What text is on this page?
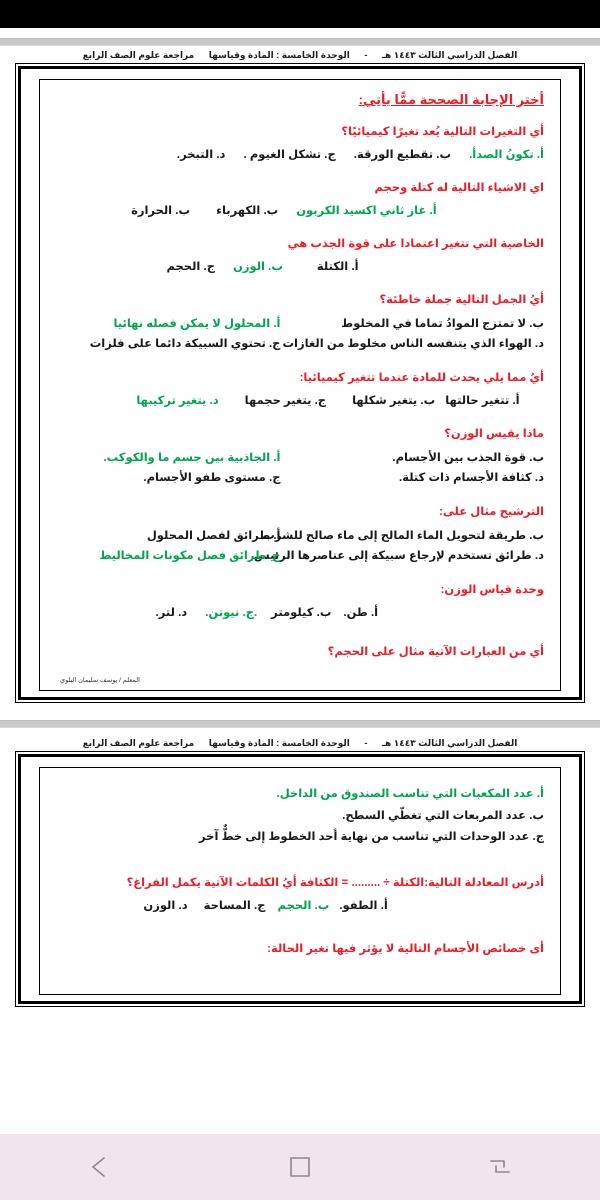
الفصل الدراسي الثالث ١٤٤٣ هـ - الوحدة الخامسة : المادة وقياسها مراجعة علوم الصف الرابع
أختر الإجابة الصححة ممًّا يأتِي:
أي التغيرات التالية يُعد تغيرًا كيميائيًا؟
أ. تكونُ الصدأ.
ب. تقطيع الورقة.
ج. تشكل الغيوم .
د. التبخر.
اي الاشياء التالية له كتلة وحجم
أ. غاز ثاني اكسيد الكربون
ب. الكهرباء
ب. الحرارة
الخاصية التي تتغير اعتمادا على قوة الجذب هي
أ. الكتلة
ب. الوزن
ج. الحجم
أيُ الجمل التالية جملة خاطئة؟
ب. لا تمتزج الموادُ تماما في المخلوط
أ. المحلول لا يمكن فصله نهائيا
د. الهواء الذي يتنفسه الناس مخلوط من الغازات
ج. تحتوي السبيكة دائما على فلزات
أيُ مما يلي يحدث للمادة عندما تتغير كيميائيا:
أ. تتغير حالتها
ب. يتغير شكلها
ج. يتغير حجمها
د. يتغير تركيبها
ماذا يقيس الوزن؟
ب. قوة الجذب بين الأجسام.
أ. الجاذبية بين جسم ما والكوكب.
د. كثافة الأجسام ذات كتلة.
ج. مستوى طفو الأجسام.
الترشيح مثال على:
ب. طريقة لتحويل الماء المالح إلى ماء صالح للشرب
أ. طرائق لفصل المحلول
د. طرائق تستخدم لإرجاع سبيكة إلى عناصرها الرئيس
ج. طرائق فصل مكونات المخاليط
وحدة قياس الوزن:
أ. طن.
ب. كيلومتر
.ج. نيوتن.
د. لتر.
أي من العبارات الآتية مثال على الحجم؟
المعلم / يوسف سليمان البلوي
الفصل الدراسي الثالث ١٤٤٣ هـ - الوحدة الخامسة : المادة وقياسها مراجعة علوم الصف الرابع
أ. عدد المكعبات التي تناسب الصندوق من الداخل.
ب. عدد المربعات التي تغطّي السطح.
ج. عدد الوحدات التي تناسب من نهاية أحد الخطوط إلى خطٌّ آخر
أدرس المعادلة التالية:الكتلة ÷ ......... = الكثافة أيُ الكلمات الآتية يكمل الفراغ؟
أ. الطفو.
ب. الحجم
ج. المساحة
د. الوزن
أى خصائص الأجسام التالية لا يؤثر فيها تغير الحالة:
